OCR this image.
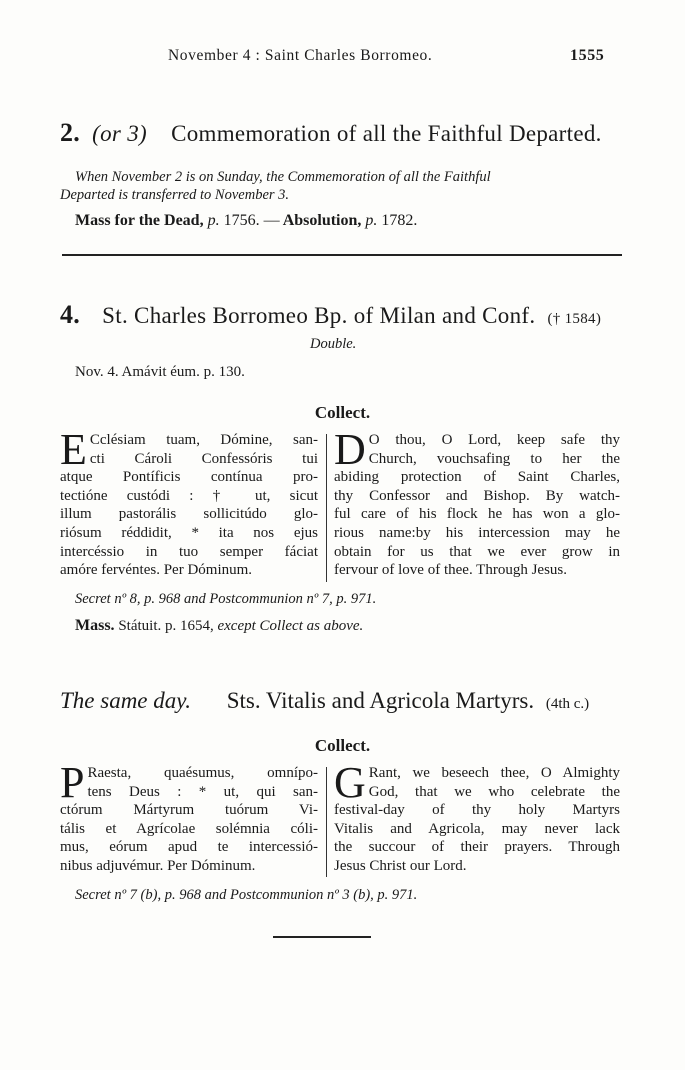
November 4 : Saint Charles Borromeo.	1555
2. (or 3) Commemoration of all the Faithful Departed.
When November 2 is on Sunday, the Commemoration of all the Faithful
Departed is transferred to November 3.
Mass for the Dead, p. 1756. — Absolution, p. 1782.
4. St. Charles Borromeo Bp. of Milan and Conf. († 1584)
Double.
Nov. 4. Amávit éum. p. 130.
Collect.
E Cclésiam tuam, Dómine, san-
cti Cároli Confessóris tui
atque Pontíficis contínua pro-
tectióne custódi : † ut, sicut
illum pastorális sollicitúdo glo-
riósum réddidit, * ita nos ejus
intercéssio in tuo semper fáciat
amóre fervéntes. Per Dóminum.
D O thou, O Lord, keep safe thy
Church, vouchsafing to her the
abiding protection of Saint Charles,
thy Confessor and Bishop. By watch-
ful care of his flock he has won a glo-
rious name:by his intercession may he
obtain for us that we ever grow in
fervour of love of thee. Through Jesus.
Secret nº 8, p. 968 and Postcommunion nº 7, p. 971.
Mass. Státuit. p. 1654, except Collect as above.
The same day. Sts. Vitalis and Agricola Martyrs. (4th c.)
Collect.
P Raesta, quaésumus, omnípo-
tens Deus : * ut, qui san-
ctórum Mártyrum tuórum Vi-
tális et Agrícolae solémnia cóli-
mus, eórum apud te intercessió-
nibus adjuvémur. Per Dóminum.
G Rant, we beseech thee, O Almighty
God, that we who celebrate the
festival-day of thy holy Martyrs
Vitalis and Agricola, may never lack
the succour of their prayers. Through
Jesus Christ our Lord.
Secret nº 7 (b), p. 968 and Postcommunion nº 3 (b), p. 971.
